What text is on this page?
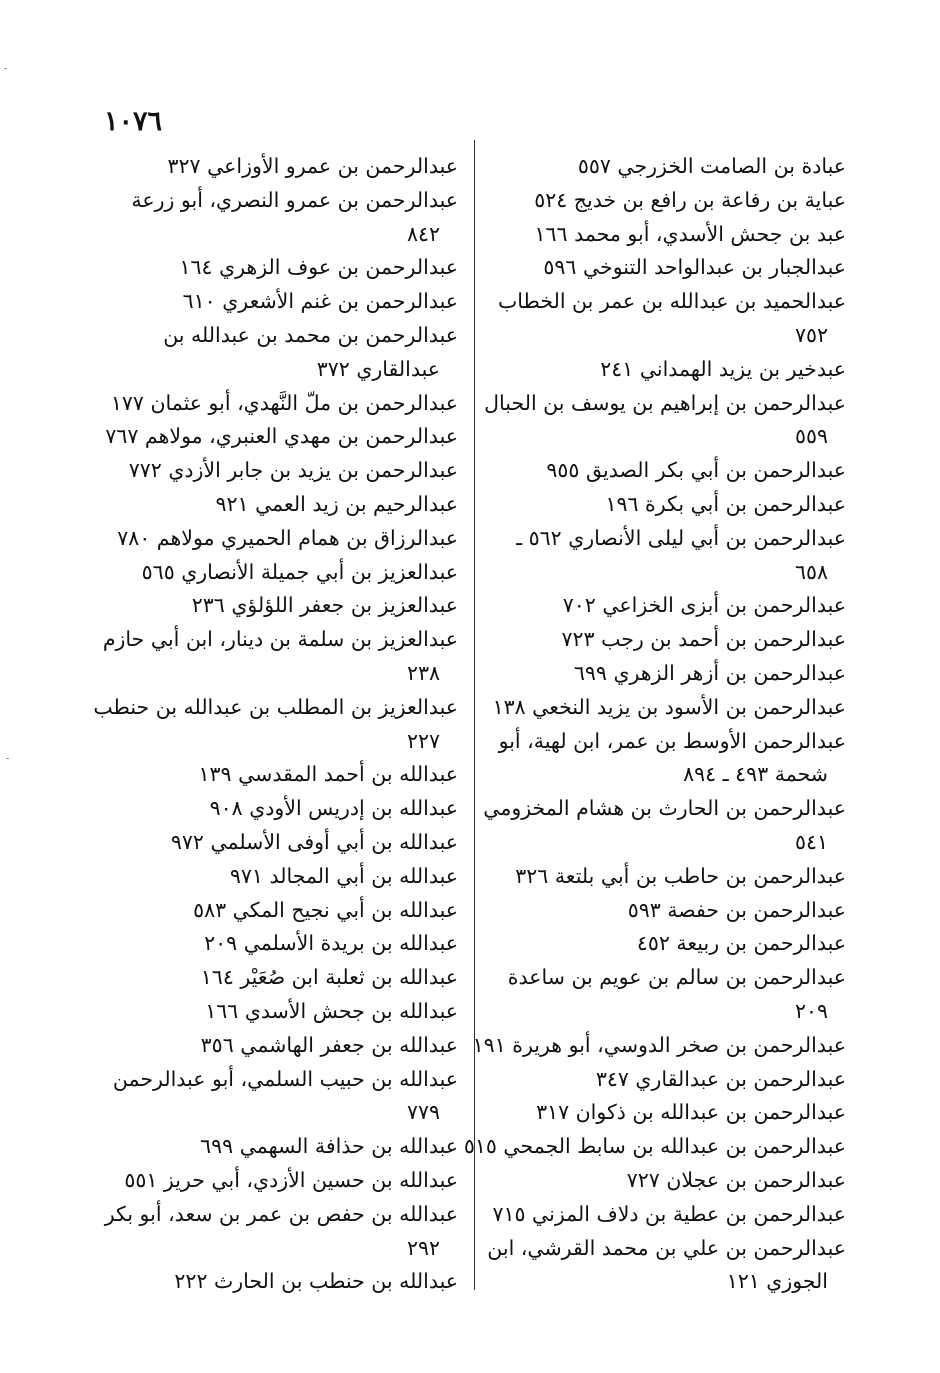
١٠٧٦
عبادة بن الصامت الخزرجي ٥٥٧
عباية بن رفاعة بن رافع بن خديج ٥٢٤
عبد بن جحش الأسدي، أبو محمد ١٦٦
عبدالجبار بن عبدالواحد التنوخي ٥٩٦
عبدالحميد بن عبدالله بن عمر بن الخطاب
٧٥٢
عبدخير بن يزيد الهمداني ٢٤١
عبدالرحمن بن إبراهيم بن يوسف بن الحبال
٥٥٩
عبدالرحمن بن أبي بكر الصديق ٩٥٥
عبدالرحمن بن أبي بكرة ١٩٦
عبدالرحمن بن أبي ليلى الأنصاري ٥٦٢ ـ
٦٥٨
عبدالرحمن بن أبزى الخزاعي ٧٠٢
عبدالرحمن بن أحمد بن رجب ٧٢٣
عبدالرحمن بن أزهر الزهري ٦٩٩
عبدالرحمن بن الأسود بن يزيد النخعي ١٣٨
عبدالرحمن الأوسط بن عمر، ابن لهية، أبو
شحمة ٤٩٣ ـ ٨٩٤
عبدالرحمن بن الحارث بن هشام المخزومي
٥٤١
عبدالرحمن بن حاطب بن أبي بلتعة ٣٢٦
عبدالرحمن بن حفصة ٥٩٣
عبدالرحمن بن ربيعة ٤٥٢
عبدالرحمن بن سالم بن عويم بن ساعدة
٢٠٩
عبدالرحمن بن صخر الدوسي، أبو هريرة ١٩١
عبدالرحمن بن عبدالقاري ٣٤٧
عبدالرحمن بن عبدالله بن ذكوان ٣١٧
عبدالرحمن بن عبدالله بن سابط الجمحي ٥١٥
عبدالرحمن بن عجلان ٧٢٧
عبدالرحمن بن عطية بن دلاف المزني ٧١٥
عبدالرحمن بن علي بن محمد القرشي، ابن
الجوزي ١٢١
عبدالرحمن بن عمرو الأوزاعي ٣٢٧
عبدالرحمن بن عمرو النصري، أبو زرعة
٨٤٢
عبدالرحمن بن عوف الزهري ١٦٤
عبدالرحمن بن غنم الأشعري ٦١٠
عبدالرحمن بن محمد بن عبدالله بن
عبدالقاري ٣٧٢
عبدالرحمن بن ملّ النَّهدي، أبو عثمان ١٧٧
عبدالرحمن بن مهدي العنبري، مولاهم ٧٦٧
عبدالرحمن بن يزيد بن جابر الأزدي ٧٧٢
عبدالرحيم بن زيد العمي ٩٢١
عبدالرزاق بن همام الحميري مولاهم ٧٨٠
عبدالعزيز بن أبي جميلة الأنصاري ٥٦٥
عبدالعزيز بن جعفر اللؤلؤي ٢٣٦
عبدالعزيز بن سلمة بن دينار، ابن أبي حازم
٢٣٨
عبدالعزيز بن المطلب بن عبدالله بن حنطب
٢٢٧
عبدالله بن أحمد المقدسي ١٣٩
عبدالله بن إدريس الأودي ٩٠٨
عبدالله بن أبي أوفى الأسلمي ٩٧٢
عبدالله بن أبي المجالد ٩٧١
عبدالله بن أبي نجيح المكي ٥٨٣
عبدالله بن بريدة الأسلمي ٢٠٩
عبدالله بن ثعلبة ابن صُعَيْر ١٦٤
عبدالله بن جحش الأسدي ١٦٦
عبدالله بن جعفر الهاشمي ٣٥٦
عبدالله بن حبيب السلمي، أبو عبدالرحمن
٧٧٩
عبدالله بن حذافة السهمي ٦٩٩
عبدالله بن حسين الأزدي، أبي حريز ٥٥١
عبدالله بن حفص بن عمر بن سعد، أبو بكر
٢٩٢
عبدالله بن حنطب بن الحارث ٢٢٢
